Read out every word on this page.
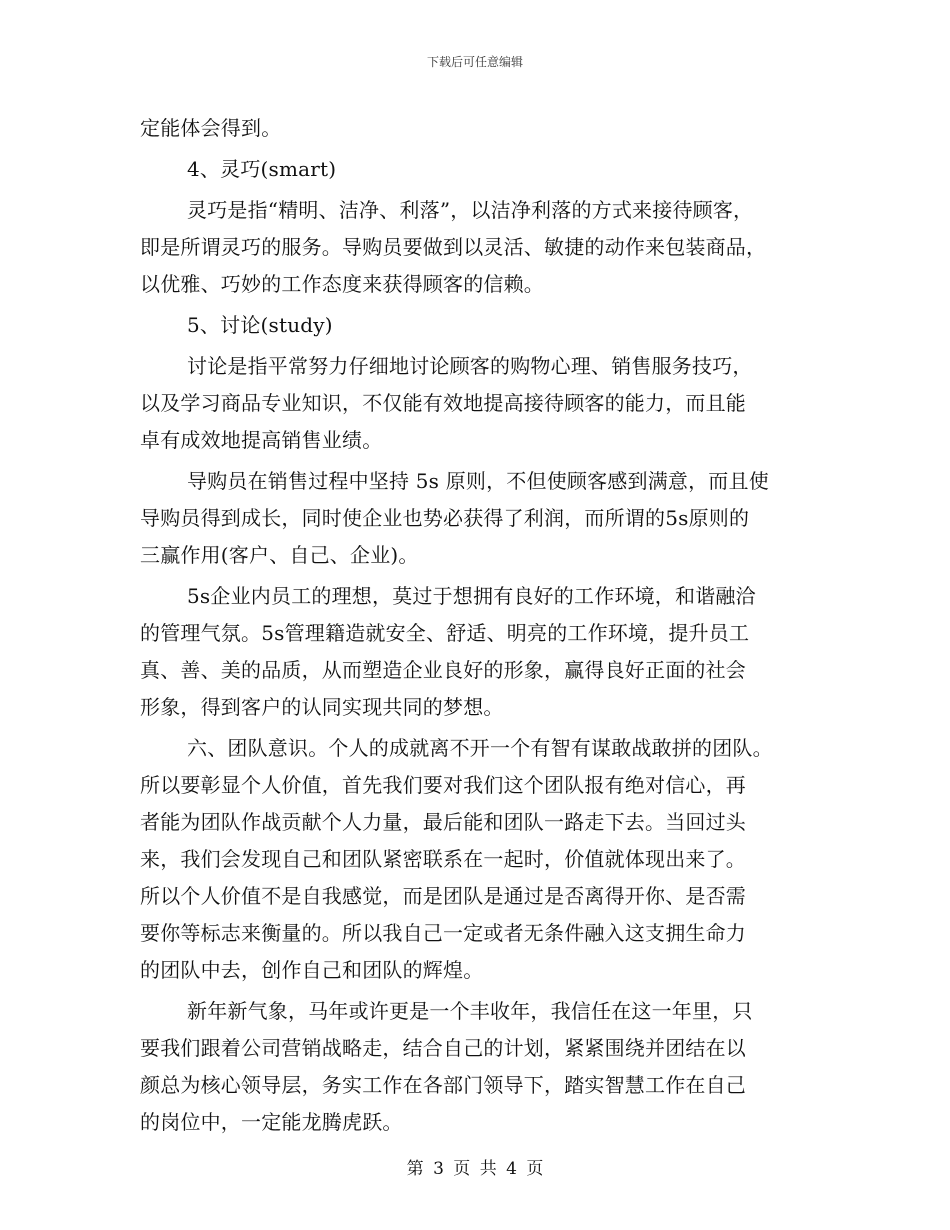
下载后可任意编辑
定能体会得到。
4、灵巧(smart)
灵巧是指“精明、洁净、利落”，以洁净利落的方式来接待顾客，
即是所谓灵巧的服务。导购员要做到以灵活、敏捷的动作来包装商品，
以优雅、巧妙的工作态度来获得顾客的信赖。
5、讨论(study)
讨论是指平常努力仔细地讨论顾客的购物心理、销售服务技巧，
以及学习商品专业知识，不仅能有效地提高接待顾客的能力，而且能
卓有成效地提高销售业绩。
导购员在销售过程中坚持 5s 原则，不但使顾客感到满意，而且使
导购员得到成长，同时使企业也势必获得了利润，而所谓的5s原则的
三赢作用(客户、自己、企业)。
5s企业内员工的理想，莫过于想拥有良好的工作环境，和谐融洽
的管理气氛。5s管理籍造就安全、舒适、明亮的工作环境，提升员工
真、善、美的品质，从而塑造企业良好的形象，赢得良好正面的社会
形象，得到客户的认同实现共同的梦想。
六、团队意识。个人的成就离不开一个有智有谋敢战敢拼的团队。
所以要彰显个人价值，首先我们要对我们这个团队报有绝对信心，再
者能为团队作战贡献个人力量，最后能和团队一路走下去。当回过头
来，我们会发现自己和团队紧密联系在一起时，价值就体现出来了。
所以个人价值不是自我感觉，而是团队是通过是否离得开你、是否需
要你等标志来衡量的。所以我自己一定或者无条件融入这支拥生命力
的团队中去，创作自己和团队的辉煌。
新年新气象，马年或许更是一个丰收年，我信任在这一年里，只
要我们跟着公司营销战略走，结合自己的计划，紧紧围绕并团结在以
颜总为核心领导层，务实工作在各部门领导下，踏实智慧工作在自己
的岗位中，一定能龙腾虎跃。
第 3 页 共 4 页
